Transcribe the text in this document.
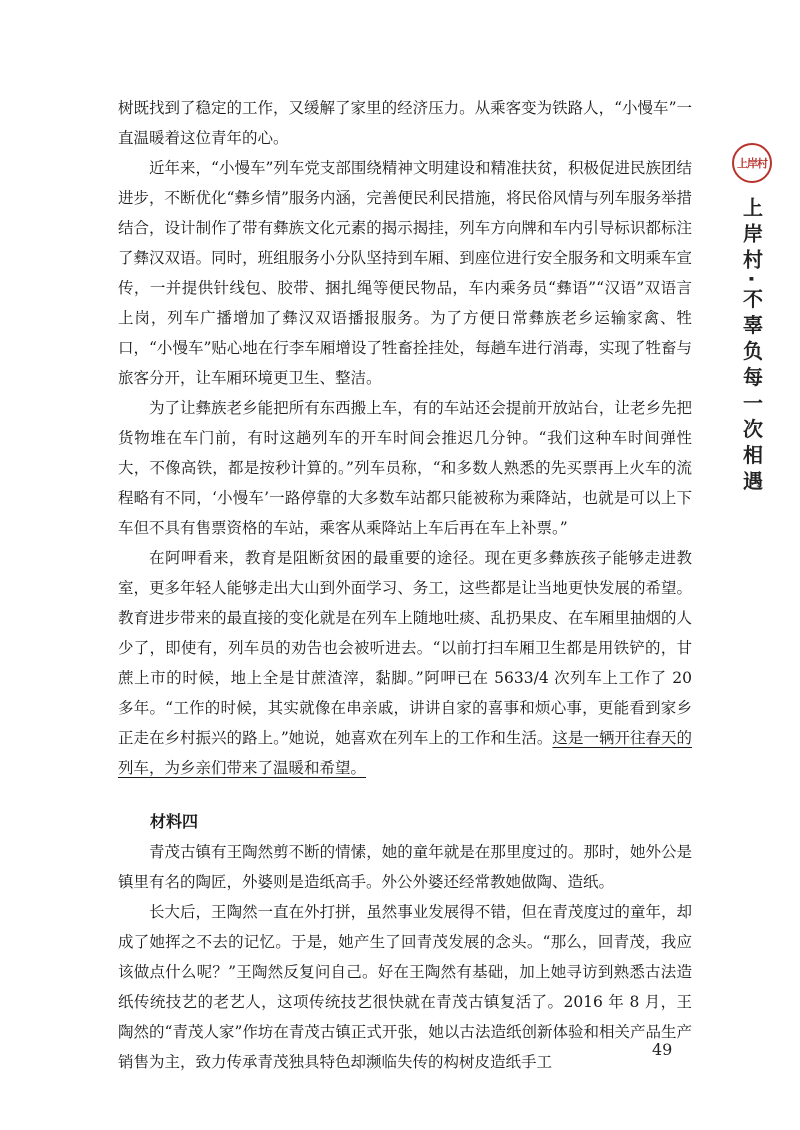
树既找到了稳定的工作，又缓解了家里的经济压力。从乘客变为铁路人，“小慢车”一直温暖着这位青年的心。

近年来，“小慢车”列车党支部围绕精神文明建设和精准扶贫，积极促进民族团结进步，不断优化“彝乡情”服务内涵，完善便民利民措施，将民俗风情与列车服务举措结合，设计制作了带有彝族文化元素的揭示揭挂，列车方向牌和车内引导标识都标注了彝汉双语。同时，班组服务小分队坚持到车厢、到座位进行安全服务和文明乘车宣传，一并提供针线包、胶带、捆扎绳等便民物品，车内乘务员“彝语”“汉语”双语言上岗，列车广播增加了彝汉双语播报服务。为了方便日常彝族老乡运输家禽、牲口，“小慢车”贴心地在行李车厢增设了牲畜拴挂处，每趟车进行消毒，实现了牲畜与旅客分开，让车厢环境更卫生、整洁。

为了让彝族老乡能把所有东西搬上车，有的车站还会提前开放站台，让老乡先把货物堆在车门前，有时这趟列车的开车时间会推迟几分钟。“我们这种车时间弹性大，不像高铁，都是按秒计算的。”列车员称，“和多数人熟悉的先买票再上火车的流程略有不同，‘小慢车’一路停靠的大多数车站都只能被称为乘降站，也就是可以上下车但不具有售票资格的车站，乘客从乘降站上车后再在车上补票。”

在阿呷看来，教育是阻断贫困的最重要的途径。现在更多彝族孩子能够走进教室，更多年轻人能够走出大山到外面学习、务工，这些都是让当地更快发展的希望。教育进步带来的最直接的变化就是在列车上随地吐痰、乱扔果皮、在车厢里抽烟的人少了，即使有，列车员的劝告也会被听进去。“以前打扫车厢卫生都是用铁铲的，甘蔗上市的时候，地上全是甘蔗渣滓，黏脚。”阿呷已在 5633/4 次列车上工作了 20 多年。“工作的时候，其实就像在串亲戚，讲讲自家的喜事和烦心事，更能看到家乡正走在乡村振兴的路上。”她说，她喜欢在列车上的工作和生活。这是一辆开往春天的列车，为乡亲们带来了温暖和希望。

材料四

青茂古镇有王陶然剪不断的情愫，她的童年就是在那里度过的。那时，她外公是镇里有名的陶匠，外婆则是造纸高手。外公外婆还经常教她做陶、造纸。

长大后，王陶然一直在外打拼，虽然事业发展得不错，但在青茂度过的童年，却成了她挥之不去的记忆。于是，她产生了回青茂发展的念头。“那么，回青茂，我应该做点什么呢？”王陶然反复问自己。好在王陶然有基础，加上她寻访到熟悉古法造纸传统技艺的老艺人，这项传统技艺很快就在青茂古镇复活了。2016 年 8 月，王陶然的“青茂人家”作坊在青茂古镇正式开张，她以古法造纸创新体验和相关产品生产销售为主，致力传承青茂独具特色却濒临失传的构树皮造纸手工

上岸村
上岸村·不辜负每一次相遇
49
